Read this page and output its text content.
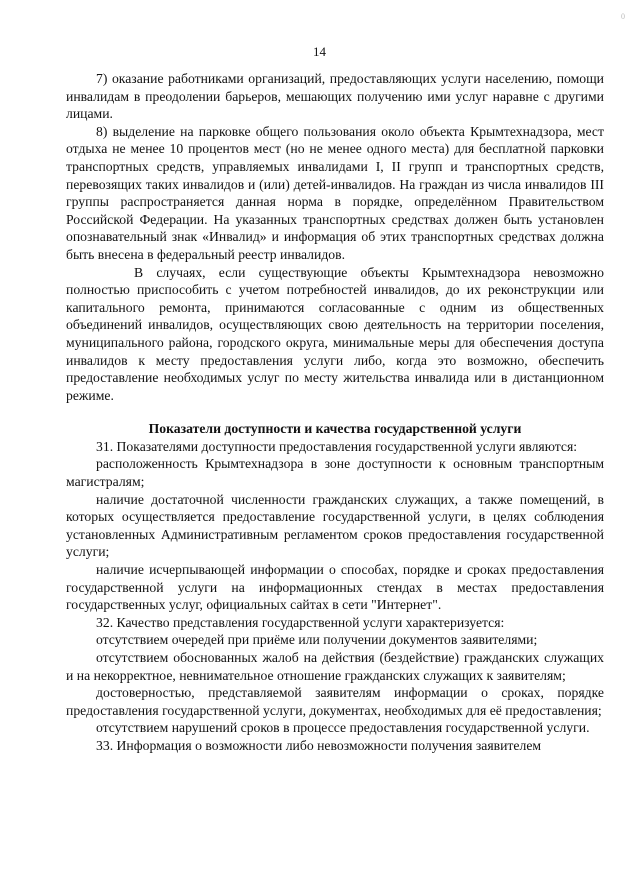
0
14

7) оказание работниками организаций, предоставляющих услуги населению, помощи инвалидам в преодолении барьеров, мешающих получению ими услуг наравне с другими лицами.

8) выделение на парковке общего пользования около объекта Крымтехнадзора, мест отдыха не менее 10 процентов мест (но не менее одного места) для бесплатной парковки транспортных средств, управляемых инвалидами I, II групп и транспортных средств, перевозящих таких инвалидов и (или) детей-инвалидов. На граждан из числа инвалидов III группы распространяется данная норма в порядке, определённом Правительством Российской Федерации. На указанных транспортных средствах должен быть установлен опознавательный знак «Инвалид» и информация об этих транспортных средствах должна быть внесена в федеральный реестр инвалидов.

В случаях, если существующие объекты Крымтехнадзора невозможно полностью приспособить с учетом потребностей инвалидов, до их реконструкции или капитального ремонта, принимаются согласованные с одним из общественных объединений инвалидов, осуществляющих свою деятельность на территории поселения, муниципального района, городского округа, минимальные меры для обеспечения доступа инвалидов к месту предоставления услуги либо, когда это возможно, обеспечить предоставление необходимых услуг по месту жительства инвалида или в дистанционном режиме.

Показатели доступности и качества государственной услуги

31. Показателями доступности предоставления государственной услуги являются:

расположенность Крымтехнадзора в зоне доступности к основным транспортным магистралям;

наличие достаточной численности гражданских служащих, а также помещений, в которых осуществляется предоставление государственной услуги, в целях соблюдения установленных Административным регламентом сроков предоставления государственной услуги;

наличие исчерпывающей информации о способах, порядке и сроках предоставления государственной услуги на информационных стендах в местах предоставления государственных услуг, официальных сайтах в сети "Интернет".

32. Качество представления государственной услуги характеризуется:

отсутствием очередей при приёме или получении документов заявителями;

отсутствием обоснованных жалоб на действия (бездействие) гражданских служащих и на некорректное, невнимательное отношение гражданских служащих к заявителям;

достоверностью, представляемой заявителям информации о сроках, порядке предоставления государственной услуги, документах, необходимых для её предоставления;

отсутствием нарушений сроков в процессе предоставления государственной услуги.

33. Информация о возможности либо невозможности получения заявителем
